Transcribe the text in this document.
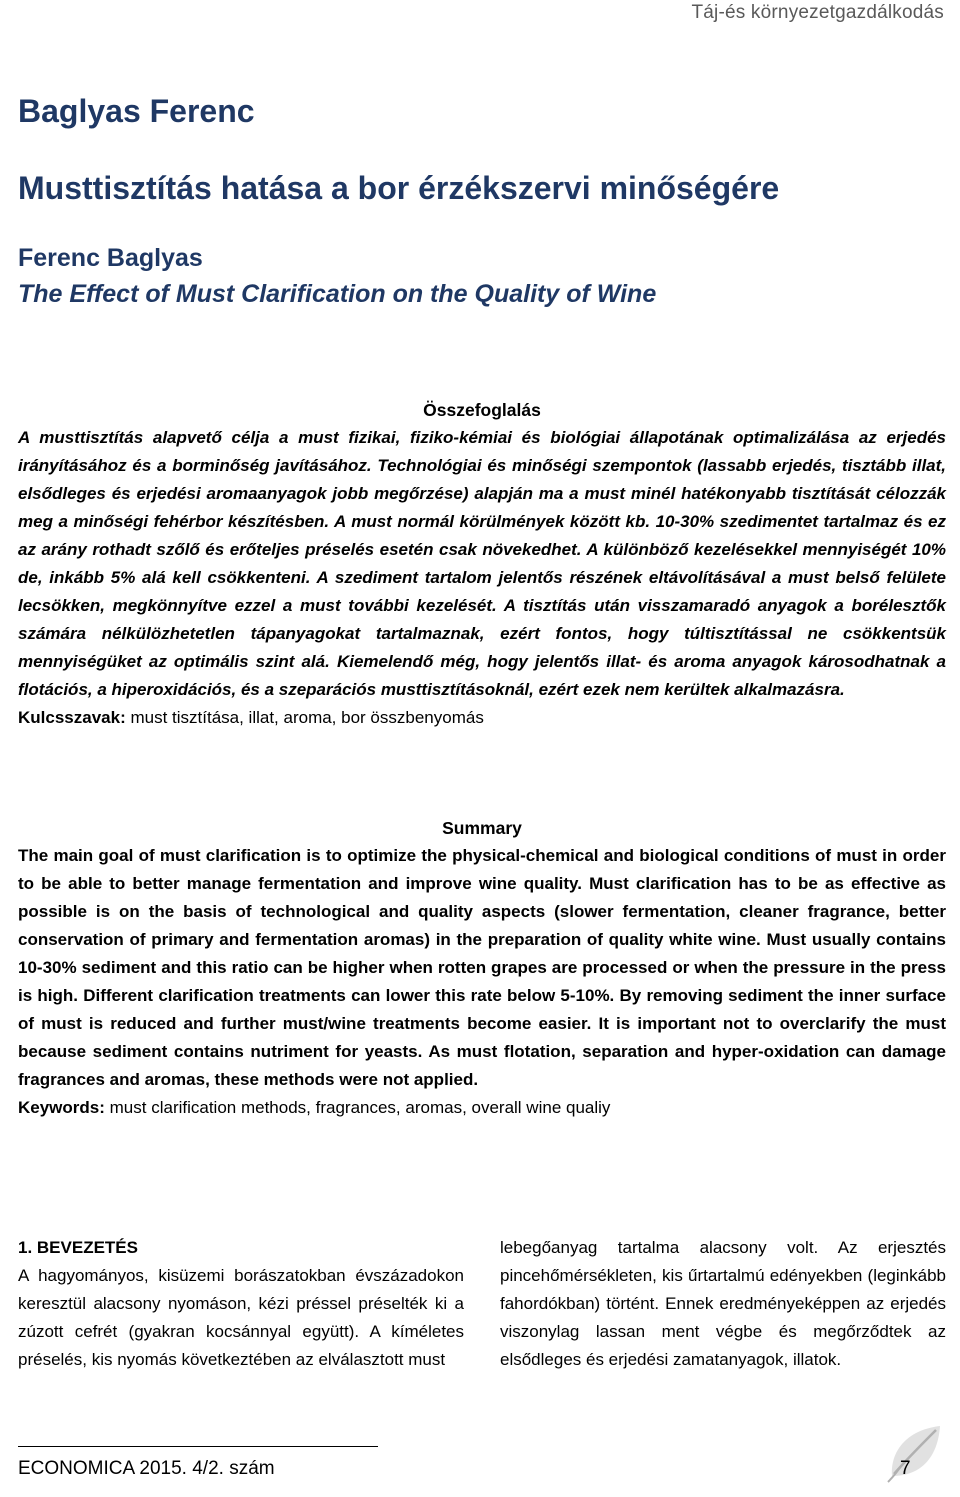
Táj-és környezetgazdálkodás
Baglyas Ferenc
Musttisztítás hatása a bor érzékszervi minőségére
Ferenc Baglyas
The Effect of Must Clarification on the Quality of Wine

Összefoglalás

A musttisztítás alapvető célja a must fizikai, fiziko-kémiai és biológiai állapotának optimalizálása az erjedés irányításához és a borminőség javításához. Technológiai és minőségi szempontok (lassabb erjedés, tisztább illat, elsődleges és erjedési aromaanyagok jobb megőrzése) alapján ma a must minél hatékonyabb tisztítását célozzák meg a minőségi fehérbor készítésben. A must normál körülmények között kb. 10-30% szedimentet tartalmaz és ez az arány rothadt szőlő és erőteljes préselés esetén csak növekedhet. A különböző kezelésekkel mennyiségét 10% de, inkább 5% alá kell csökkenteni. A szediment tartalom jelentős részének eltávolításával a must belső felülete lecsökken, megkönnyítve ezzel a must további kezelését. A tisztítás után visszamaradó anyagok a borélesztők számára nélkülözhetetlen tápanyagokat tartalmaznak, ezért fontos, hogy túltisztítással ne csökkentsük mennyiségüket az optimális szint alá. Kiemelendő még, hogy jelentős illat- és aroma anyagok károsodhatnak a flotációs, a hiperoxidációs, és a szeparációs musttisztításoknál, ezért ezek nem kerültek alkalmazásra.

Kulcsszavak: must tisztítása, illat, aroma, bor összbenyomás

Summary

The main goal of must clarification is to optimize the physical-chemical and biological conditions of must in order to be able to better manage fermentation and improve wine quality. Must clarification has to be as effective as possible is on the basis of technological and quality aspects (slower fermentation, cleaner fragrance, better conservation of primary and fermentation aromas) in the preparation of quality white wine. Must usually contains 10-30% sediment and this ratio can be higher when rotten grapes are processed or when the pressure in the press is high. Different clarification treatments can lower this rate below 5-10%. By removing sediment the inner surface of must is reduced and further must/wine treatments become easier. It is important not to overclarify the must because sediment contains nutriment for yeasts. As must flotation, separation and hyper-oxidation can damage fragrances and aromas, these methods were not applied.

Keywords: must clarification methods, fragrances, aromas, overall wine qualiy

1. BEVEZETÉS

A hagyományos, kisüzemi borászatokban évszázadokon keresztül alacsony nyomáson, kézi préssel préselték ki a zúzott cefrét (gyakran kocsánnyal együtt). A kíméletes préselés, kis nyomás következtében az elválasztott must

lebegőanyag tartalma alacsony volt. Az erjesztés pincehőmérsékleten, kis űrtartalmú edényekben (leginkább fahordókban) történt. Ennek eredményeképpen az erjedés viszonylag lassan ment végbe és megőrződtek az elsődleges és erjedési zamatanyagok, illatok.

ECONOMICA 2015. 4/2. szám	7
